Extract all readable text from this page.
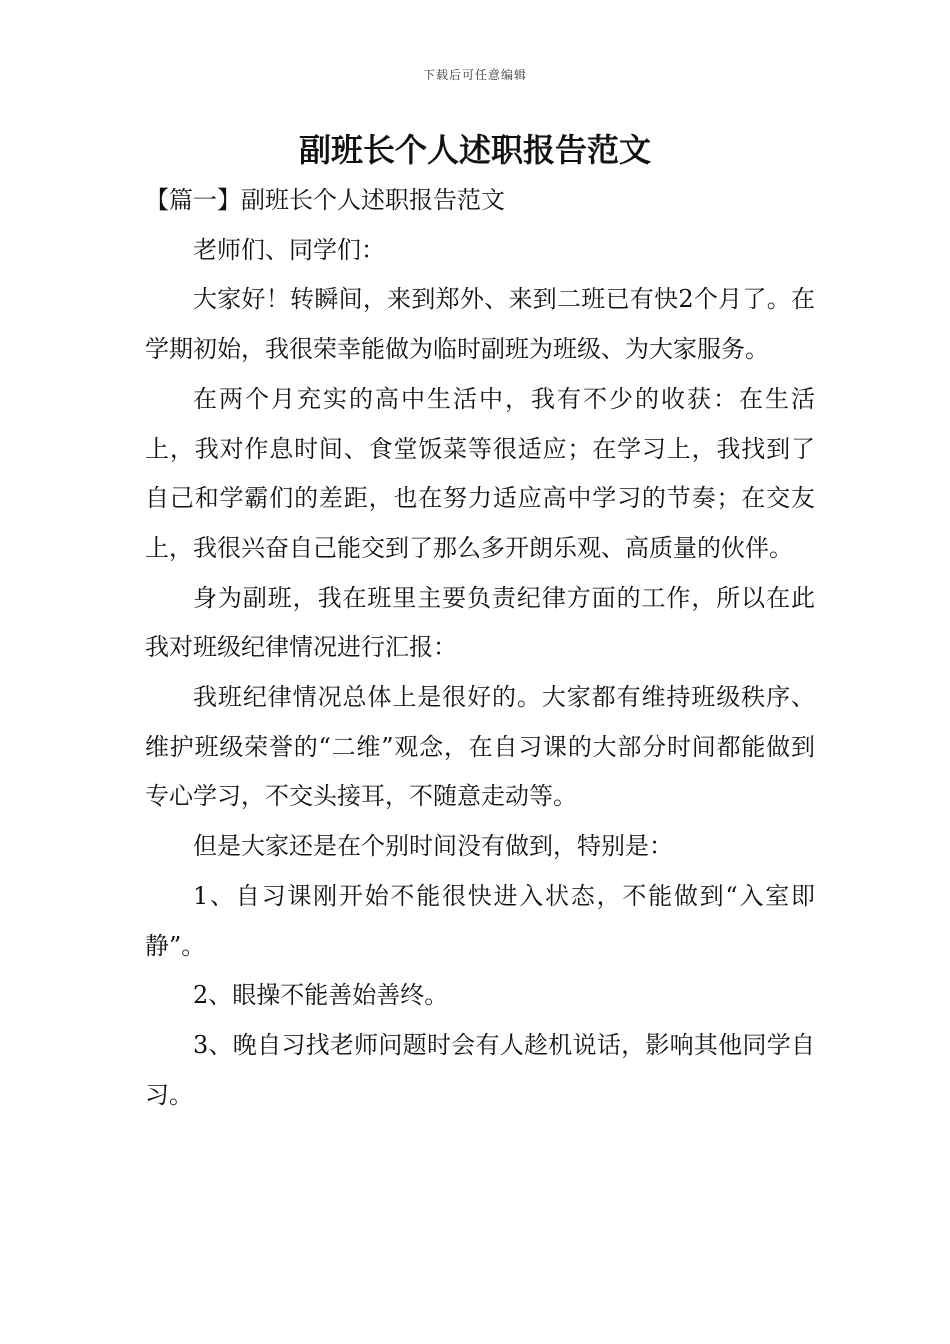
下载后可任意编辑
副班长个人述职报告范文

【篇一】副班长个人述职报告范文

老师们、同学们：

大家好！转瞬间，来到郑外、来到二班已有快2个月了。在学期初始，我很荣幸能做为临时副班为班级、为大家服务。

在两个月充实的高中生活中，我有不少的收获：在生活上，我对作息时间、食堂饭菜等很适应；在学习上，我找到了自己和学霸们的差距，也在努力适应高中学习的节奏；在交友上，我很兴奋自己能交到了那么多开朗乐观、高质量的伙伴。

身为副班，我在班里主要负责纪律方面的工作，所以在此我对班级纪律情况进行汇报：

我班纪律情况总体上是很好的。大家都有维持班级秩序、维护班级荣誉的“二维”观念，在自习课的大部分时间都能做到专心学习，不交头接耳，不随意走动等。

但是大家还是在个别时间没有做到，特别是：

1、自习课刚开始不能很快进入状态，不能做到“入室即静”。

2、眼操不能善始善终。

3、晚自习找老师问题时会有人趁机说话，影响其他同学自习。
